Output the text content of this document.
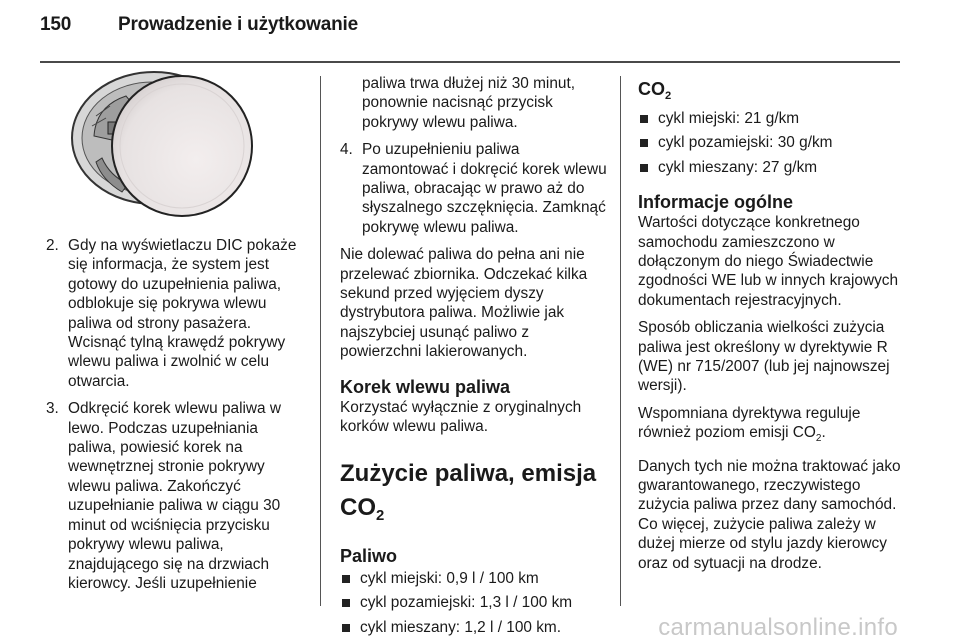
150 Prowadzenie i użytkowanie
2. Gdy na wyświetlaczu DIC pokaże się informacja, że system jest gotowy do uzupełnienia paliwa, odblokuje się pokrywa wlewu paliwa od strony pasażera. Wcisnąć tylną krawędź pokrywy wlewu paliwa i zwolnić w celu otwarcia.
3. Odkręcić korek wlewu paliwa w lewo. Podczas uzupełniania paliwa, powiesić korek na wewnętrznej stronie pokrywy wlewu paliwa. Zakończyć uzupełnianie paliwa w ciągu 30 minut od wciśnięcia przycisku pokrywy wlewu paliwa, znajdującego się na drzwiach kierowcy. Jeśli uzupełnienie
paliwa trwa dłużej niż 30 minut, ponownie nacisnąć przycisk pokrywy wlewu paliwa.
4. Po uzupełnieniu paliwa zamontować i dokręcić korek wlewu paliwa, obracając w prawo aż do słyszalnego szczęknięcia. Zamknąć pokrywę wlewu paliwa.

Nie dolewać paliwa do pełna ani nie przelewać zbiornika. Odczekać kilka sekund przed wyjęciem dyszy dystrybutora paliwa. Możliwie jak najszybciej usunąć paliwo z powierzchni lakierowanych.

Korek wlewu paliwa

Korzystać wyłącznie z oryginalnych korków wlewu paliwa.

Zużycie paliwa, emisja
$CO_2$
Paliwo
cykl miejski: 0,9 l / 100 km
cykl pozamiejski: 1,3 l / 100 km
cykl mieszany: 1,2 l / 100 km.
$CO_2$
cykl miejski: 21 g/km
cykl pozamiejski: 30 g/km
cykl mieszany: 27 g/km
Informacje ogólne

Wartości dotyczące konkretnego samochodu zamieszczono w dołączonym do niego Świadectwie zgodności WE lub w innych krajowych dokumentach rejestracyjnych.

Sposób obliczania wielkości zużycia paliwa jest określony w dyrektywie R (WE) nr 715/2007 (lub jej najnowszej wersji).

Wspomniana dyrektywa reguluje również poziom emisji $CO_2$.

Danych tych nie można traktować jako gwarantowanego, rzeczywistego zużycia paliwa przez dany samochód. Co więcej, zużycie paliwa zależy w dużej mierze od stylu jazdy kierowcy oraz od sytuacji na drodze.

carmanualsonline.info
